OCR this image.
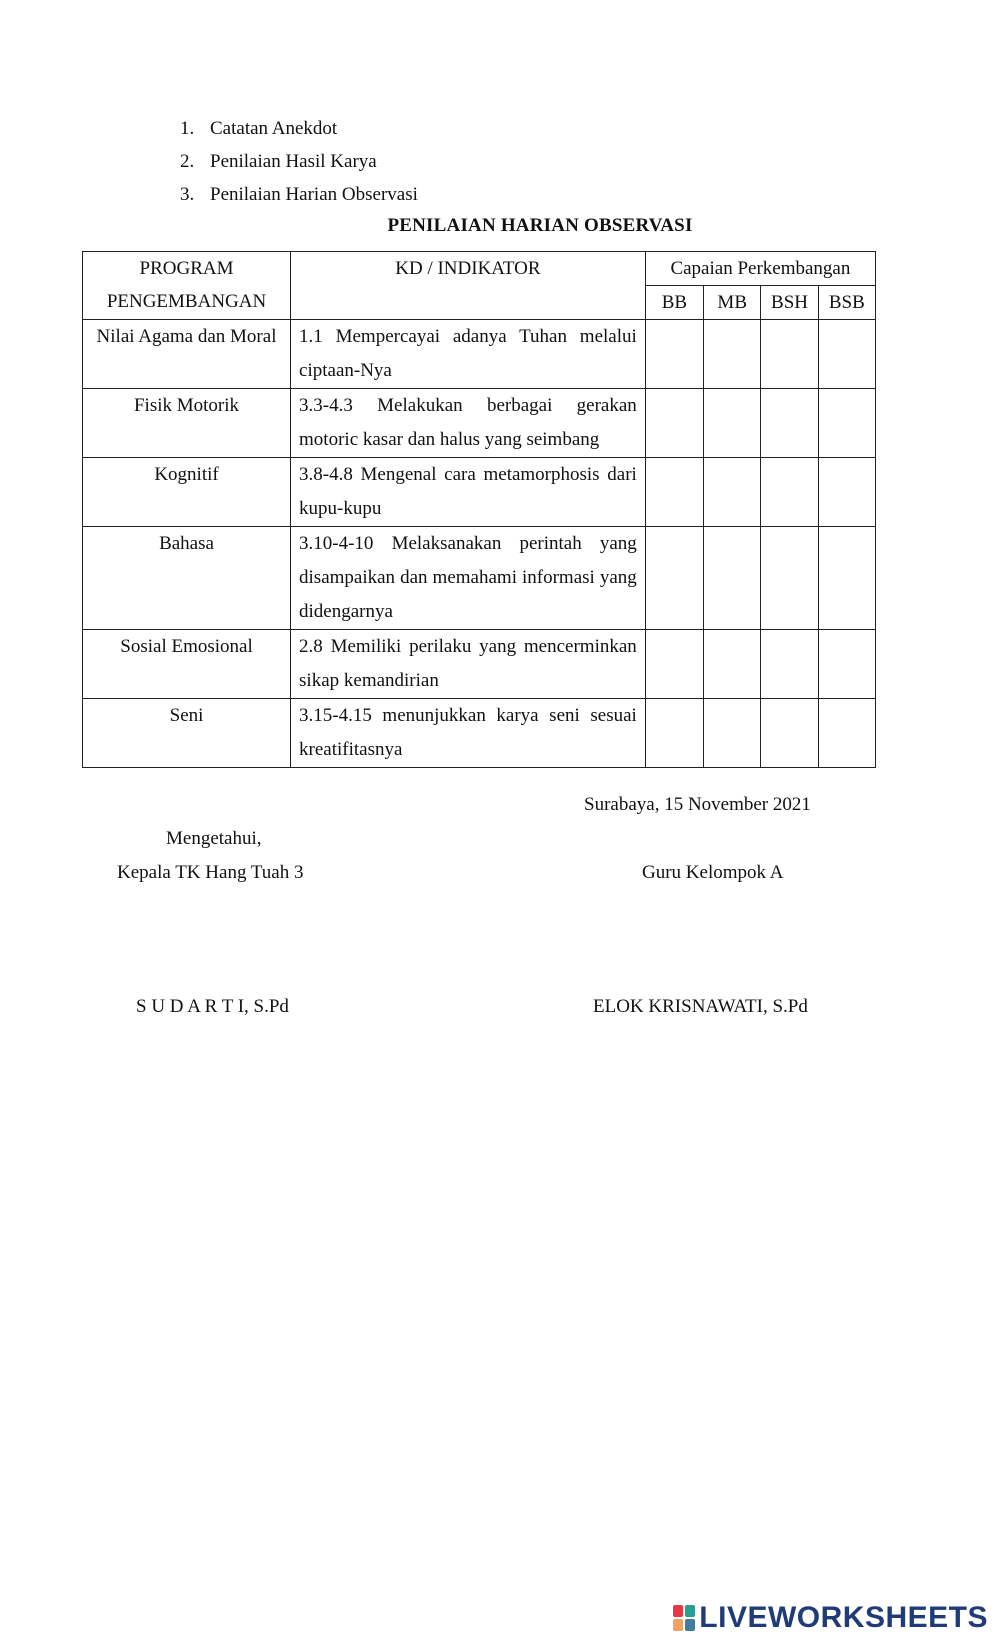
1. Catatan Anekdot
2. Penilaian Hasil Karya
3. Penilaian Harian Observasi
PENILAIAN HARIAN OBSERVASI
PROGRAM
PENGEMBANGAN	KD / INDIKATOR	Capaian Perkembangan			
		BB	MB	BSH	BSB
Nilai Agama dan Moral	1.1 Mempercayai adanya Tuhan melalui ciptaan-Nya				
Fisik Motorik	3.3-4.3 Melakukan berbagai gerakan motoric kasar dan halus yang seimbang				
Kognitif	3.8-4.8 Mengenal cara metamorphosis dari kupu-kupu				
Bahasa	3.10-4-10 Melaksanakan perintah yang disampaikan dan memahami informasi yang didengarnya				
Sosial Emosional	2.8 Memiliki perilaku yang mencerminkan sikap kemandirian				
Seni	3.15-4.15 menunjukkan karya seni sesuai kreatifitasnya				
Surabaya, 15 November 2021
Mengetahui,
Kepala TK Hang Tuah 3	Guru Kelompok A
S U D A R T I, S.Pd	ELOK KRISNAWATI, S.Pd
LIVEWORKSHEETS
